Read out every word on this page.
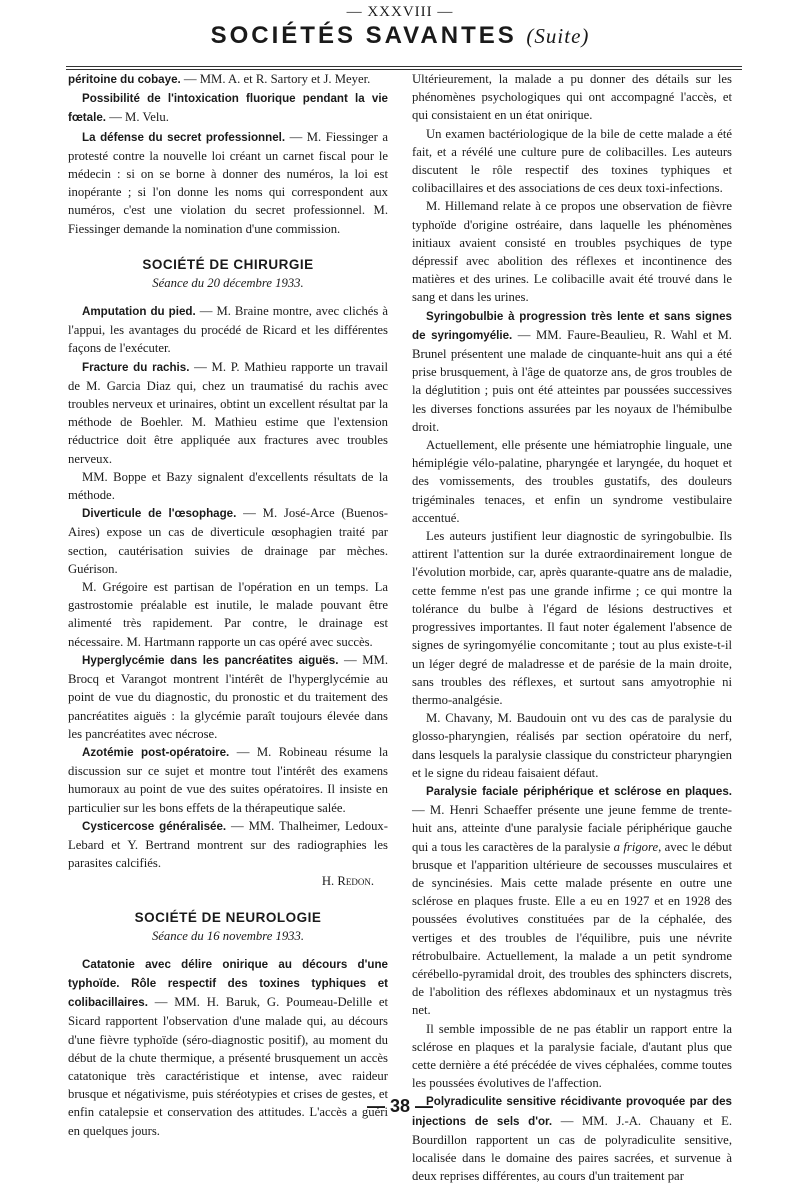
— XXXVIII —
SOCIÉTÉS SAVANTES (Suite)

péritoine du cobaye. — MM. A. et R. Sartory et J. Meyer.

Possibilité de l'intoxication fluorique pendant la vie fœtale. — M. Velu.

La défense du secret professionnel. — M. Fiessinger a protesté contre la nouvelle loi créant un carnet fiscal pour le médecin : si on se borne à donner des numéros, la loi est inopérante ; si l'on donne les noms qui correspondent aux numéros, c'est une violation du secret professionnel. M. Fiessinger demande la nomination d'une commission.

SOCIÉTÉ DE CHIRURGIE
Séance du 20 décembre 1933.

Amputation du pied. — M. Braine montre, avec clichés à l'appui, les avantages du procédé de Ricard et les différentes façons de l'exécuter.

Fracture du rachis. — M. P. Mathieu rapporte un travail de M. Garcia Diaz qui, chez un traumatisé du rachis avec troubles nerveux et urinaires, obtint un excellent résultat par la méthode de Boehler. M. Mathieu estime que l'extension réductrice doit être appliquée aux fractures avec troubles nerveux.

MM. Boppe et Bazy signalent d'excellents résultats de la méthode.

Diverticule de l'œsophage. — M. José-Arce (Buenos-Aires) expose un cas de diverticule œsophagien traité par section, cautérisation suivies de drainage par mèches. Guérison.

M. Grégoire est partisan de l'opération en un temps. La gastrostomie préalable est inutile, le malade pouvant être alimenté très rapidement. Par contre, le drainage est nécessaire. M. Hartmann rapporte un cas opéré avec succès.

Hyperglycémie dans les pancréatites aiguës. — MM. Brocq et Varangot montrent l'intérêt de l'hyperglycémie au point de vue du diagnostic, du pronostic et du traitement des pancréatites aiguës : la glycémie paraît toujours élevée dans les pancréatites avec nécrose.

Azotémie post-opératoire. — M. Robineau résume la discussion sur ce sujet et montre tout l'intérêt des examens humoraux au point de vue des suites opératoires. Il insiste en particulier sur les bons effets de la thérapeutique salée.

Cysticercose généralisée. — MM. Thalheimer, Ledoux-Lebard et Y. Bertrand montrent sur des radiographies les parasites calcifiés.

H. Redon.
SOCIÉTÉ DE NEUROLOGIE
Séance du 16 novembre 1933.

Catatonie avec délire onirique au décours d'une typhoïde. Rôle respectif des toxines typhiques et colibacillaires. — MM. H. Baruk, G. Poumeau-Delille et Sicard rapportent l'observation d'une malade qui, au décours d'une fièvre typhoïde (séro-diagnostic positif), au moment du début de la chute thermique, a présenté brusquement un accès catatonique très caractéristique et intense, avec raideur brusque et négativisme, puis stéréotypies et crises de gestes, et enfin catalepsie et conservation des attitudes. L'accès a guéri en quelques jours.

Ultérieurement, la malade a pu donner des détails sur les phénomènes psychologiques qui ont accompagné l'accès, et qui consistaient en un état onirique.

Un examen bactériologique de la bile de cette malade a été fait, et a révélé une culture pure de colibacilles. Les auteurs discutent le rôle respectif des toxines typhiques et colibacillaires et des associations de ces deux toxi-infections.

M. Hillemand relate à ce propos une observation de fièvre typhoïde d'origine ostréaire, dans laquelle les phénomènes initiaux avaient consisté en troubles psychiques de type dépressif avec abolition des réflexes et incontinence des matières et des urines. Le colibacille avait été trouvé dans le sang et dans les urines.

Syringobulbie à progression très lente et sans signes de syringomyélie. — MM. Faure-Beaulieu, R. Wahl et M. Brunel présentent une malade de cinquante-huit ans qui a été prise brusquement, à l'âge de quatorze ans, de gros troubles de la déglutition ; puis ont été atteintes par poussées successives les diverses fonctions assurées par les noyaux de l'hémibulbe droit.

Actuellement, elle présente une hémiatrophie linguale, une hémiplégie vélo-palatine, pharyngée et laryngée, du hoquet et des vomissements, des troubles gustatifs, des douleurs trigéminales tenaces, et enfin un syndrome vestibulaire accentué.

Les auteurs justifient leur diagnostic de syringobulbie. Ils attirent l'attention sur la durée extraordinairement longue de l'évolution morbide, car, après quarante-quatre ans de maladie, cette femme n'est pas une grande infirme ; ce qui montre la tolérance du bulbe à l'égard de lésions destructives et progressives importantes. Il faut noter également l'absence de signes de syringomyélie concomitante ; tout au plus existe-t-il un léger degré de maladresse et de parésie de la main droite, sans troubles des réflexes, et surtout sans amyotrophie ni thermo-analgésie.

M. Chavany, M. Baudouin ont vu des cas de paralysie du glosso-pharyngien, réalisés par section opératoire du nerf, dans lesquels la paralysie classique du constricteur pharyngien et le signe du rideau faisaient défaut.

Paralysie faciale périphérique et sclérose en plaques. — M. Henri Schaeffer présente une jeune femme de trente-huit ans, atteinte d'une paralysie faciale périphérique gauche qui a tous les caractères de la paralysie a frigore, avec le début brusque et l'apparition ultérieure de secousses musculaires et de syncinésies. Mais cette malade présente en outre une sclérose en plaques fruste. Elle a eu en 1927 et en 1928 des poussées évolutives constituées par de la céphalée, des vertiges et des troubles de l'équilibre, puis une névrite rétrobulbaire. Actuellement, la malade a un petit syndrome cérébello-pyramidal droit, des troubles des sphincters discrets, de l'abolition des réflexes abdominaux et un nystagmus très net.

Il semble impossible de ne pas établir un rapport entre la sclérose en plaques et la paralysie faciale, d'autant plus que cette dernière a été précédée de vives céphalées, comme toutes les poussées évolutives de l'affection.

Polyradiculite sensitive récidivante provoquée par des injections de sels d'or. — MM. J.-A. Chauany et E. Bourdillon rapportent un cas de polyradiculite sensitive, localisée dans le domaine des paires sacrées, et survenue à deux reprises différentes, au cours d'un traitement par

— 38 —
